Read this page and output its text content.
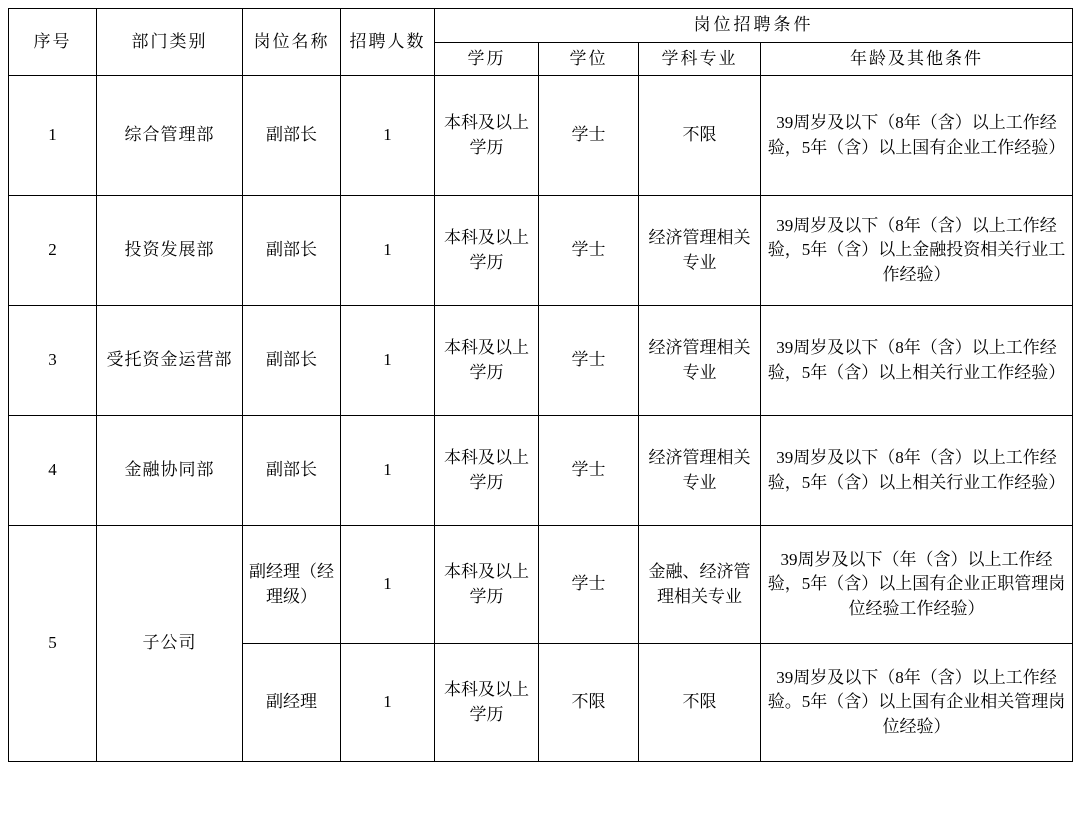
序号	部门类别	岗位名称	招聘人数	岗位招聘条件			
				学历	学位	学科专业	年龄及其他条件
1	综合管理部	副部长	1	本科及以上学历	学士	不限	39周岁及以下（8年（含）以上工作经验，5年（含）以上国有企业工作经验）
2	投资发展部	副部长	1	本科及以上学历	学士	经济管理相关专业	39周岁及以下（8年（含）以上工作经验，5年（含）以上金融投资相关行业工作经验）
3	受托资金运营部	副部长	1	本科及以上学历	学士	经济管理相关专业	39周岁及以下（8年（含）以上工作经验，5年（含）以上相关行业工作经验）
4	金融协同部	副部长	1	本科及以上学历	学士	经济管理相关专业	39周岁及以下（8年（含）以上工作经验，5年（含）以上相关行业工作经验）
5	子公司	副经理（经理级）	1	本科及以上学历	学士	金融、经济管理相关专业	39周岁及以下（年（含）以上工作经验，5年（含）以上国有企业正职管理岗位经验工作经验）
		副经理	1	本科及以上学历	不限	不限	39周岁及以下（8年（含）以上工作经验。5年（含）以上国有企业相关管理岗位经验）
